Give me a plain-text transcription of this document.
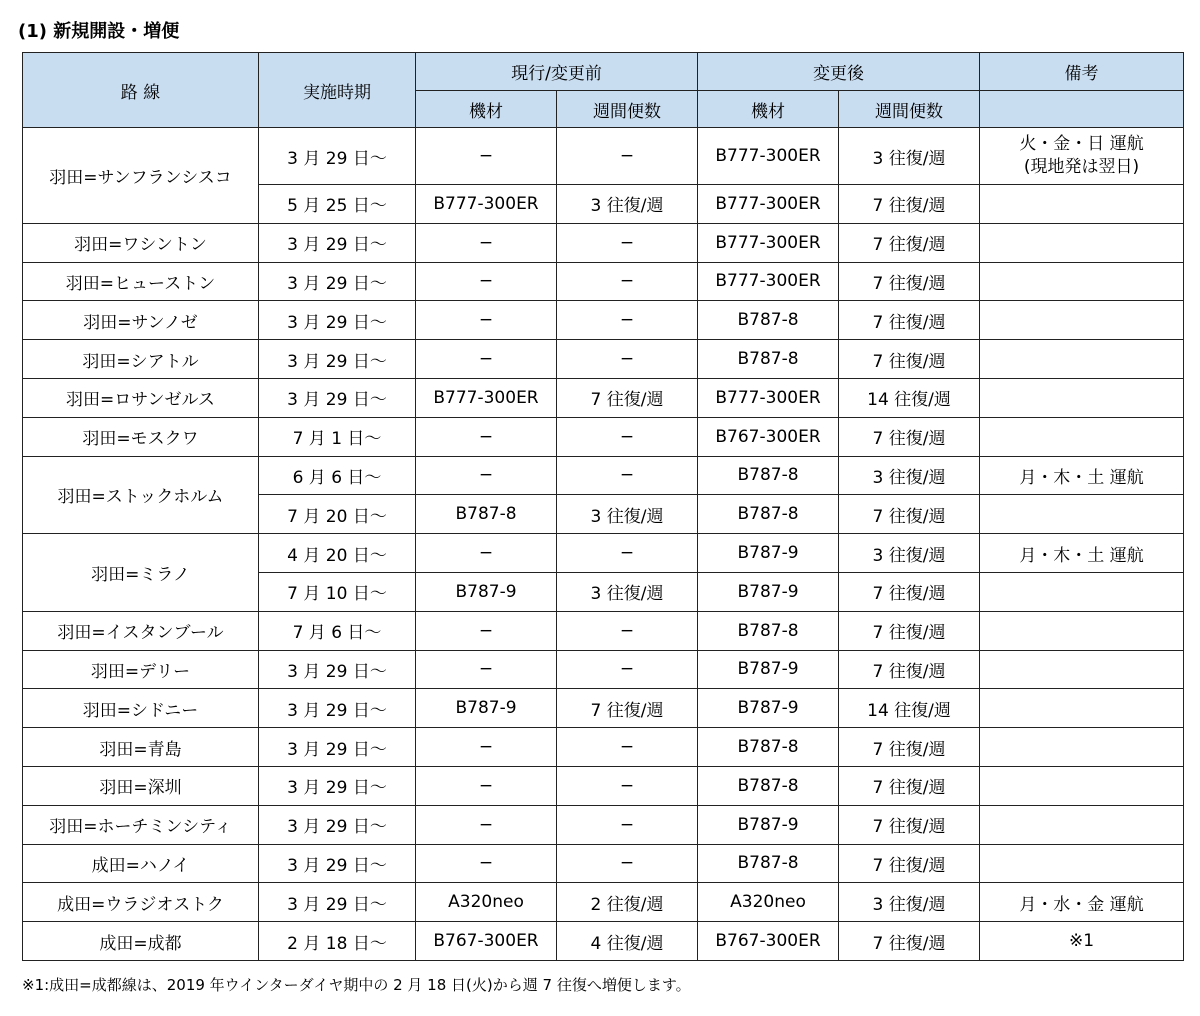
(1) 新規開設・増便
路 線	実施時期	現行/変更前		変更後		備考
		機材	週間便数	機材	週間便数	
羽田=サンフランシスコ	3 月 29 日〜	−	−	B777-300ER	3 往復/週	火・金・日 運航
(現地発は翌日)

	5 月 25 日〜	B777-300ER	3 往復/週	B777-300ER	7 往復/週	
羽田=ワシントン	3 月 29 日〜	−	−	B777-300ER	7 往復/週	
羽田=ヒューストン	3 月 29 日〜	−	−	B777-300ER	7 往復/週	
羽田=サンノゼ	3 月 29 日〜	−	−	B787-8	7 往復/週	
羽田=シアトル	3 月 29 日〜	−	−	B787-8	7 往復/週	
羽田=ロサンゼルス	3 月 29 日〜	B777-300ER	7 往復/週	B777-300ER	14 往復/週	
羽田=モスクワ	7 月 1 日〜	−	−	B767-300ER	7 往復/週	
羽田=ストックホルム	6 月 6 日〜	−	−	B787-8	3 往復/週	月・木・土 運航
	7 月 20 日〜	B787-8	3 往復/週	B787-8	7 往復/週	
羽田=ミラノ	4 月 20 日〜	−	−	B787-9	3 往復/週	月・木・土 運航
	7 月 10 日〜	B787-9	3 往復/週	B787-9	7 往復/週	
羽田=イスタンブール	7 月 6 日〜	−	−	B787-8	7 往復/週	
羽田=デリー	3 月 29 日〜	−	−	B787-9	7 往復/週	
羽田=シドニー	3 月 29 日〜	B787-9	7 往復/週	B787-9	14 往復/週	
羽田=青島	3 月 29 日〜	−	−	B787-8	7 往復/週	
羽田=深圳	3 月 29 日〜	−	−	B787-8	7 往復/週	
羽田=ホーチミンシティ	3 月 29 日〜	−	−	B787-9	7 往復/週	
成田=ハノイ	3 月 29 日〜	−	−	B787-8	7 往復/週	
成田=ウラジオストク	3 月 29 日〜	A320neo	2 往復/週	A320neo	3 往復/週	月・水・金 運航
成田=成都	2 月 18 日〜	B767-300ER	4 往復/週	B767-300ER	7 往復/週	※1
※1:成田=成都線は、2019 年ウインターダイヤ期中の 2 月 18 日(火)から週 7 往復へ増便します。
